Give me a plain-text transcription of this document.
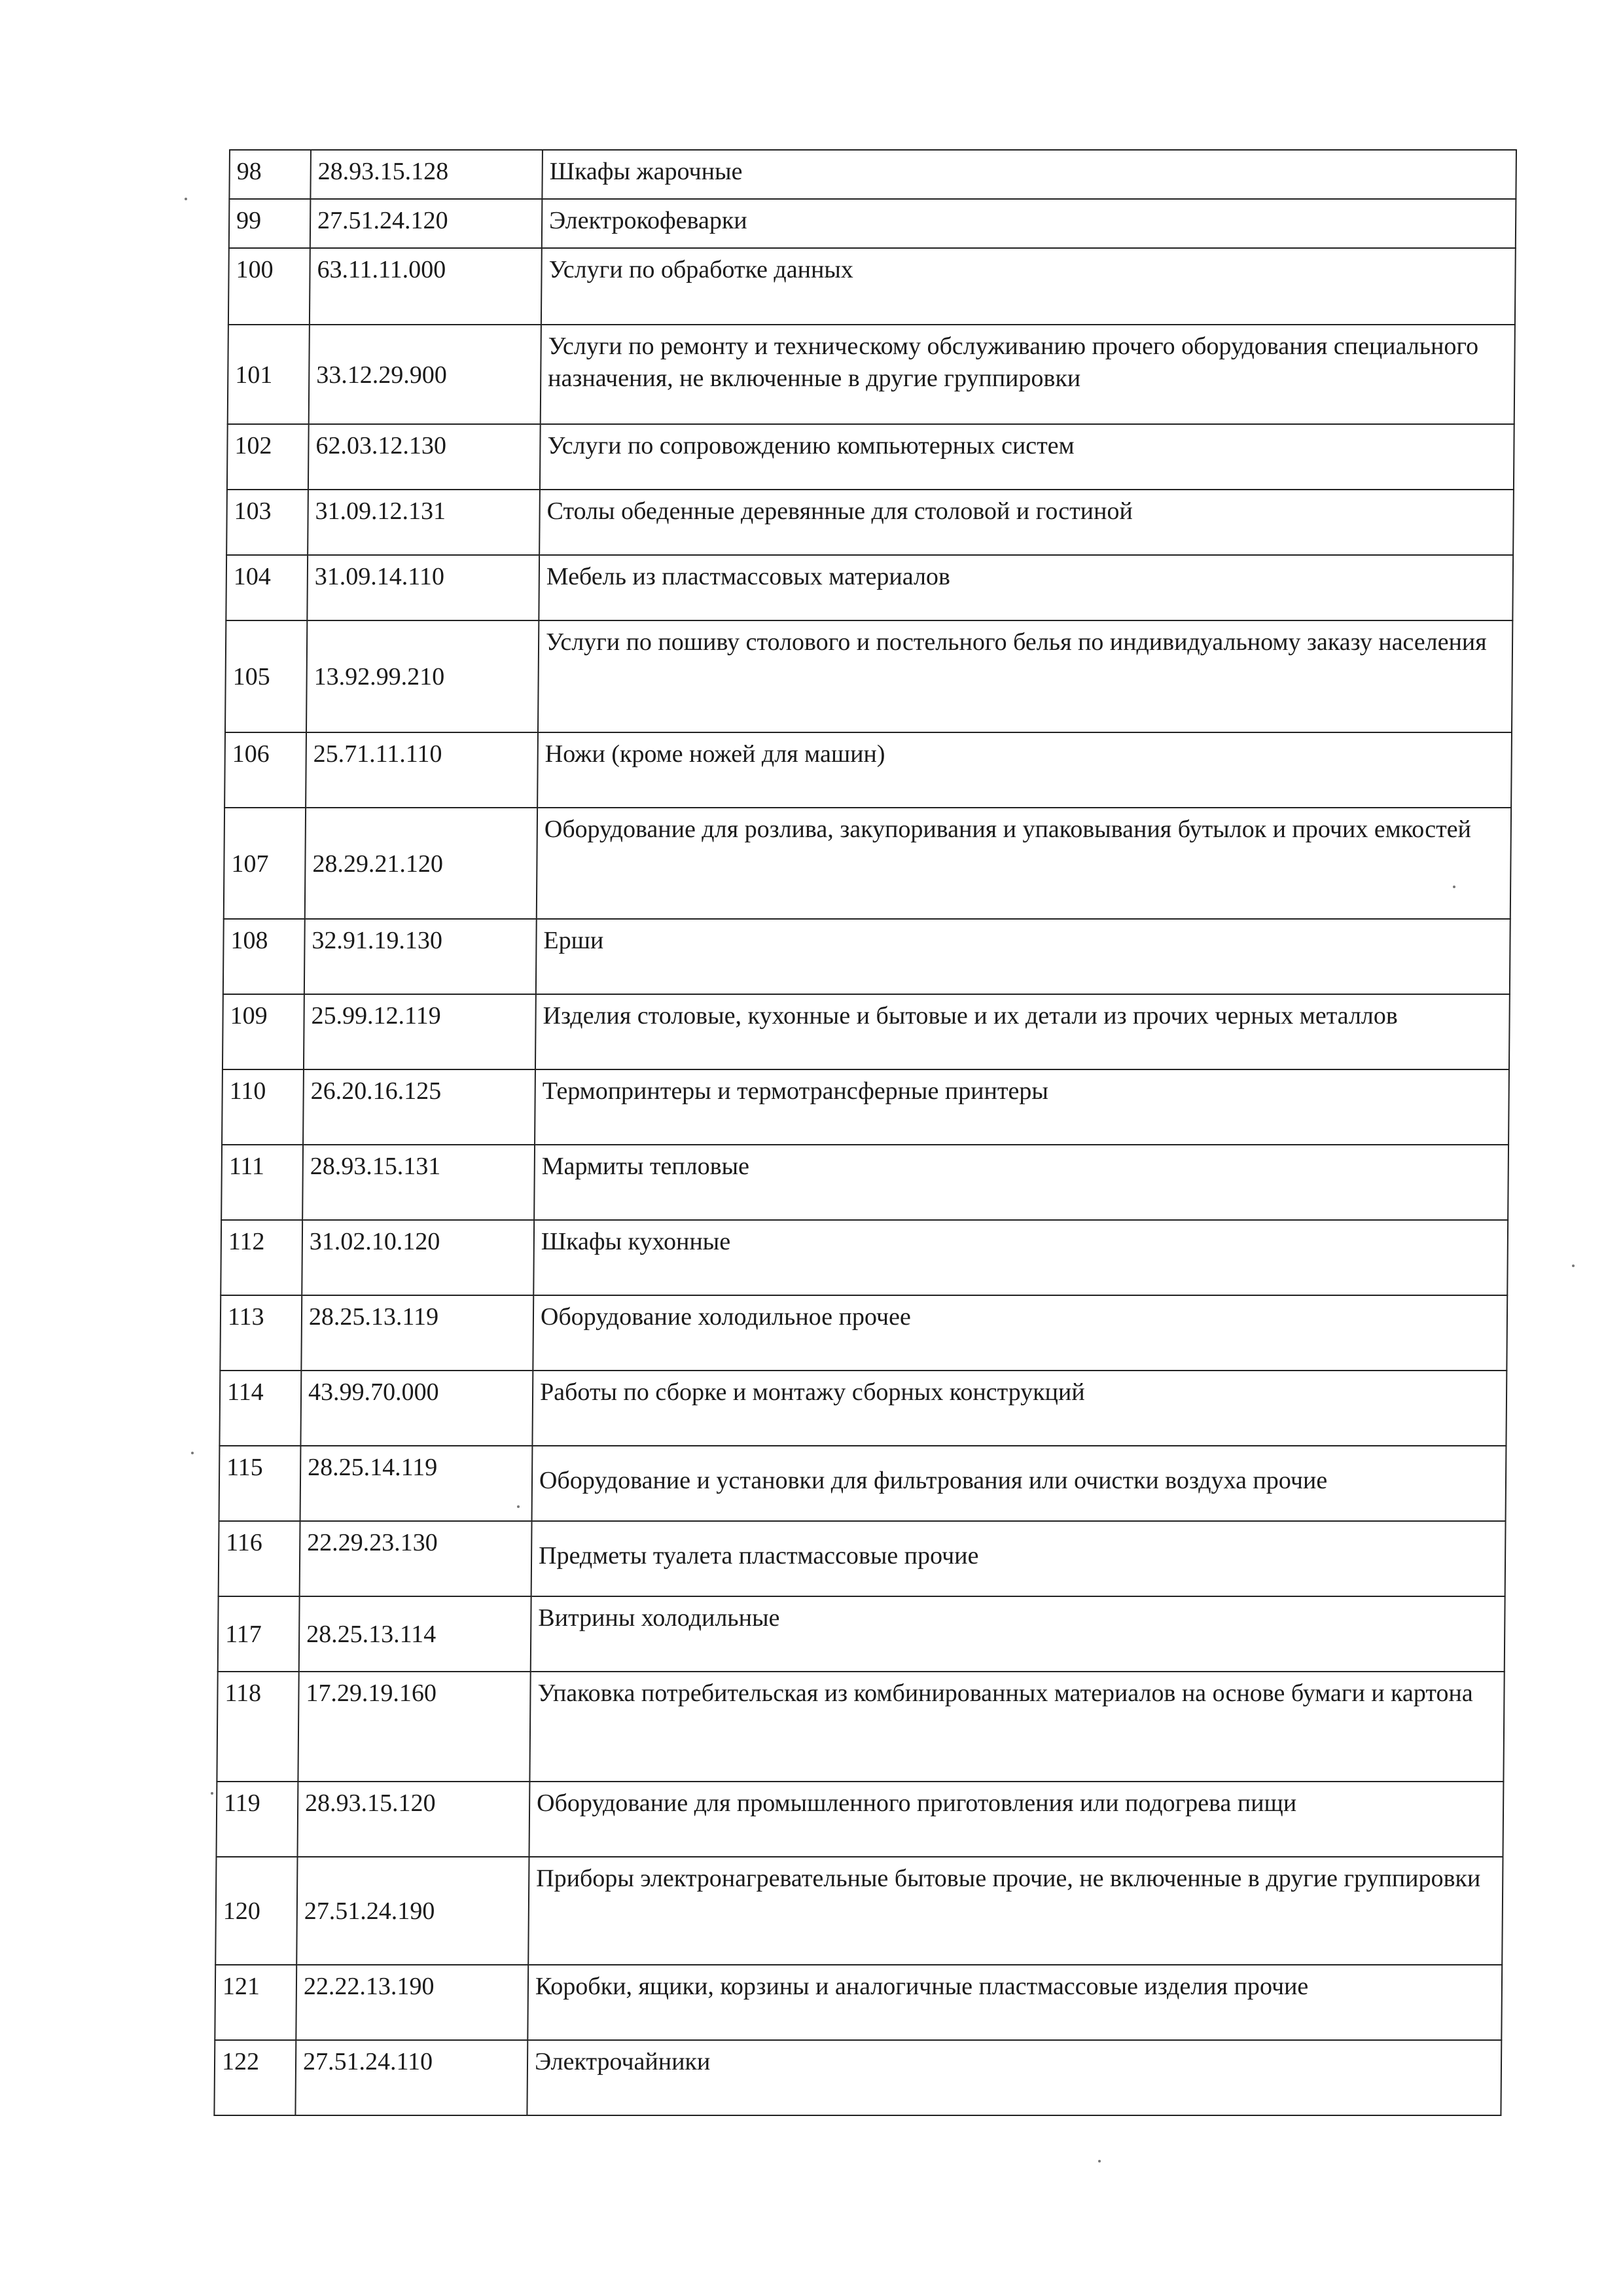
98	28.93.15.128	Шкафы жарочные
99	27.51.24.120	Электрокофеварки
100	63.11.11.000	Услуги по обработке данных
101	33.12.29.900	Услуги по ремонту и техническому обслуживанию прочего оборудования специального назначения, не включенные в другие группировки
102	62.03.12.130	Услуги по сопровождению компьютерных систем
103	31.09.12.131	Столы обеденные деревянные для столовой и гостиной
104	31.09.14.110	Мебель из пластмассовых материалов
105	13.92.99.210	Услуги по пошиву столового и постельного белья по индивидуальному заказу населения
106	25.71.11.110	Ножи (кроме ножей для машин)
107	28.29.21.120	Оборудование для розлива, закупоривания и упаковывания бутылок и прочих емкостей
108	32.91.19.130	Ерши
109	25.99.12.119	Изделия столовые, кухонные и бытовые и их детали из прочих черных металлов
110	26.20.16.125	Термопринтеры и термотрансферные принтеры
111	28.93.15.131	Мармиты тепловые
112	31.02.10.120	Шкафы кухонные
113	28.25.13.119	Оборудование холодильное прочее
114	43.99.70.000	Работы по сборке и монтажу сборных конструкций
115	28.25.14.119	Оборудование и установки для фильтрования или очистки воздуха прочие
116	22.29.23.130	Предметы туалета пластмассовые прочие
117	28.25.13.114	Витрины холодильные
118	17.29.19.160	Упаковка потребительская из комбинированных материалов на основе бумаги и картона
119	28.93.15.120	Оборудование для промышленного приготовления или подогрева пищи
120	27.51.24.190	Приборы электронагревательные бытовые прочие, не включенные в другие группировки
121	22.22.13.190	Коробки, ящики, корзины и аналогичные пластмассовые изделия прочие
122	27.51.24.110	Электрочайники
